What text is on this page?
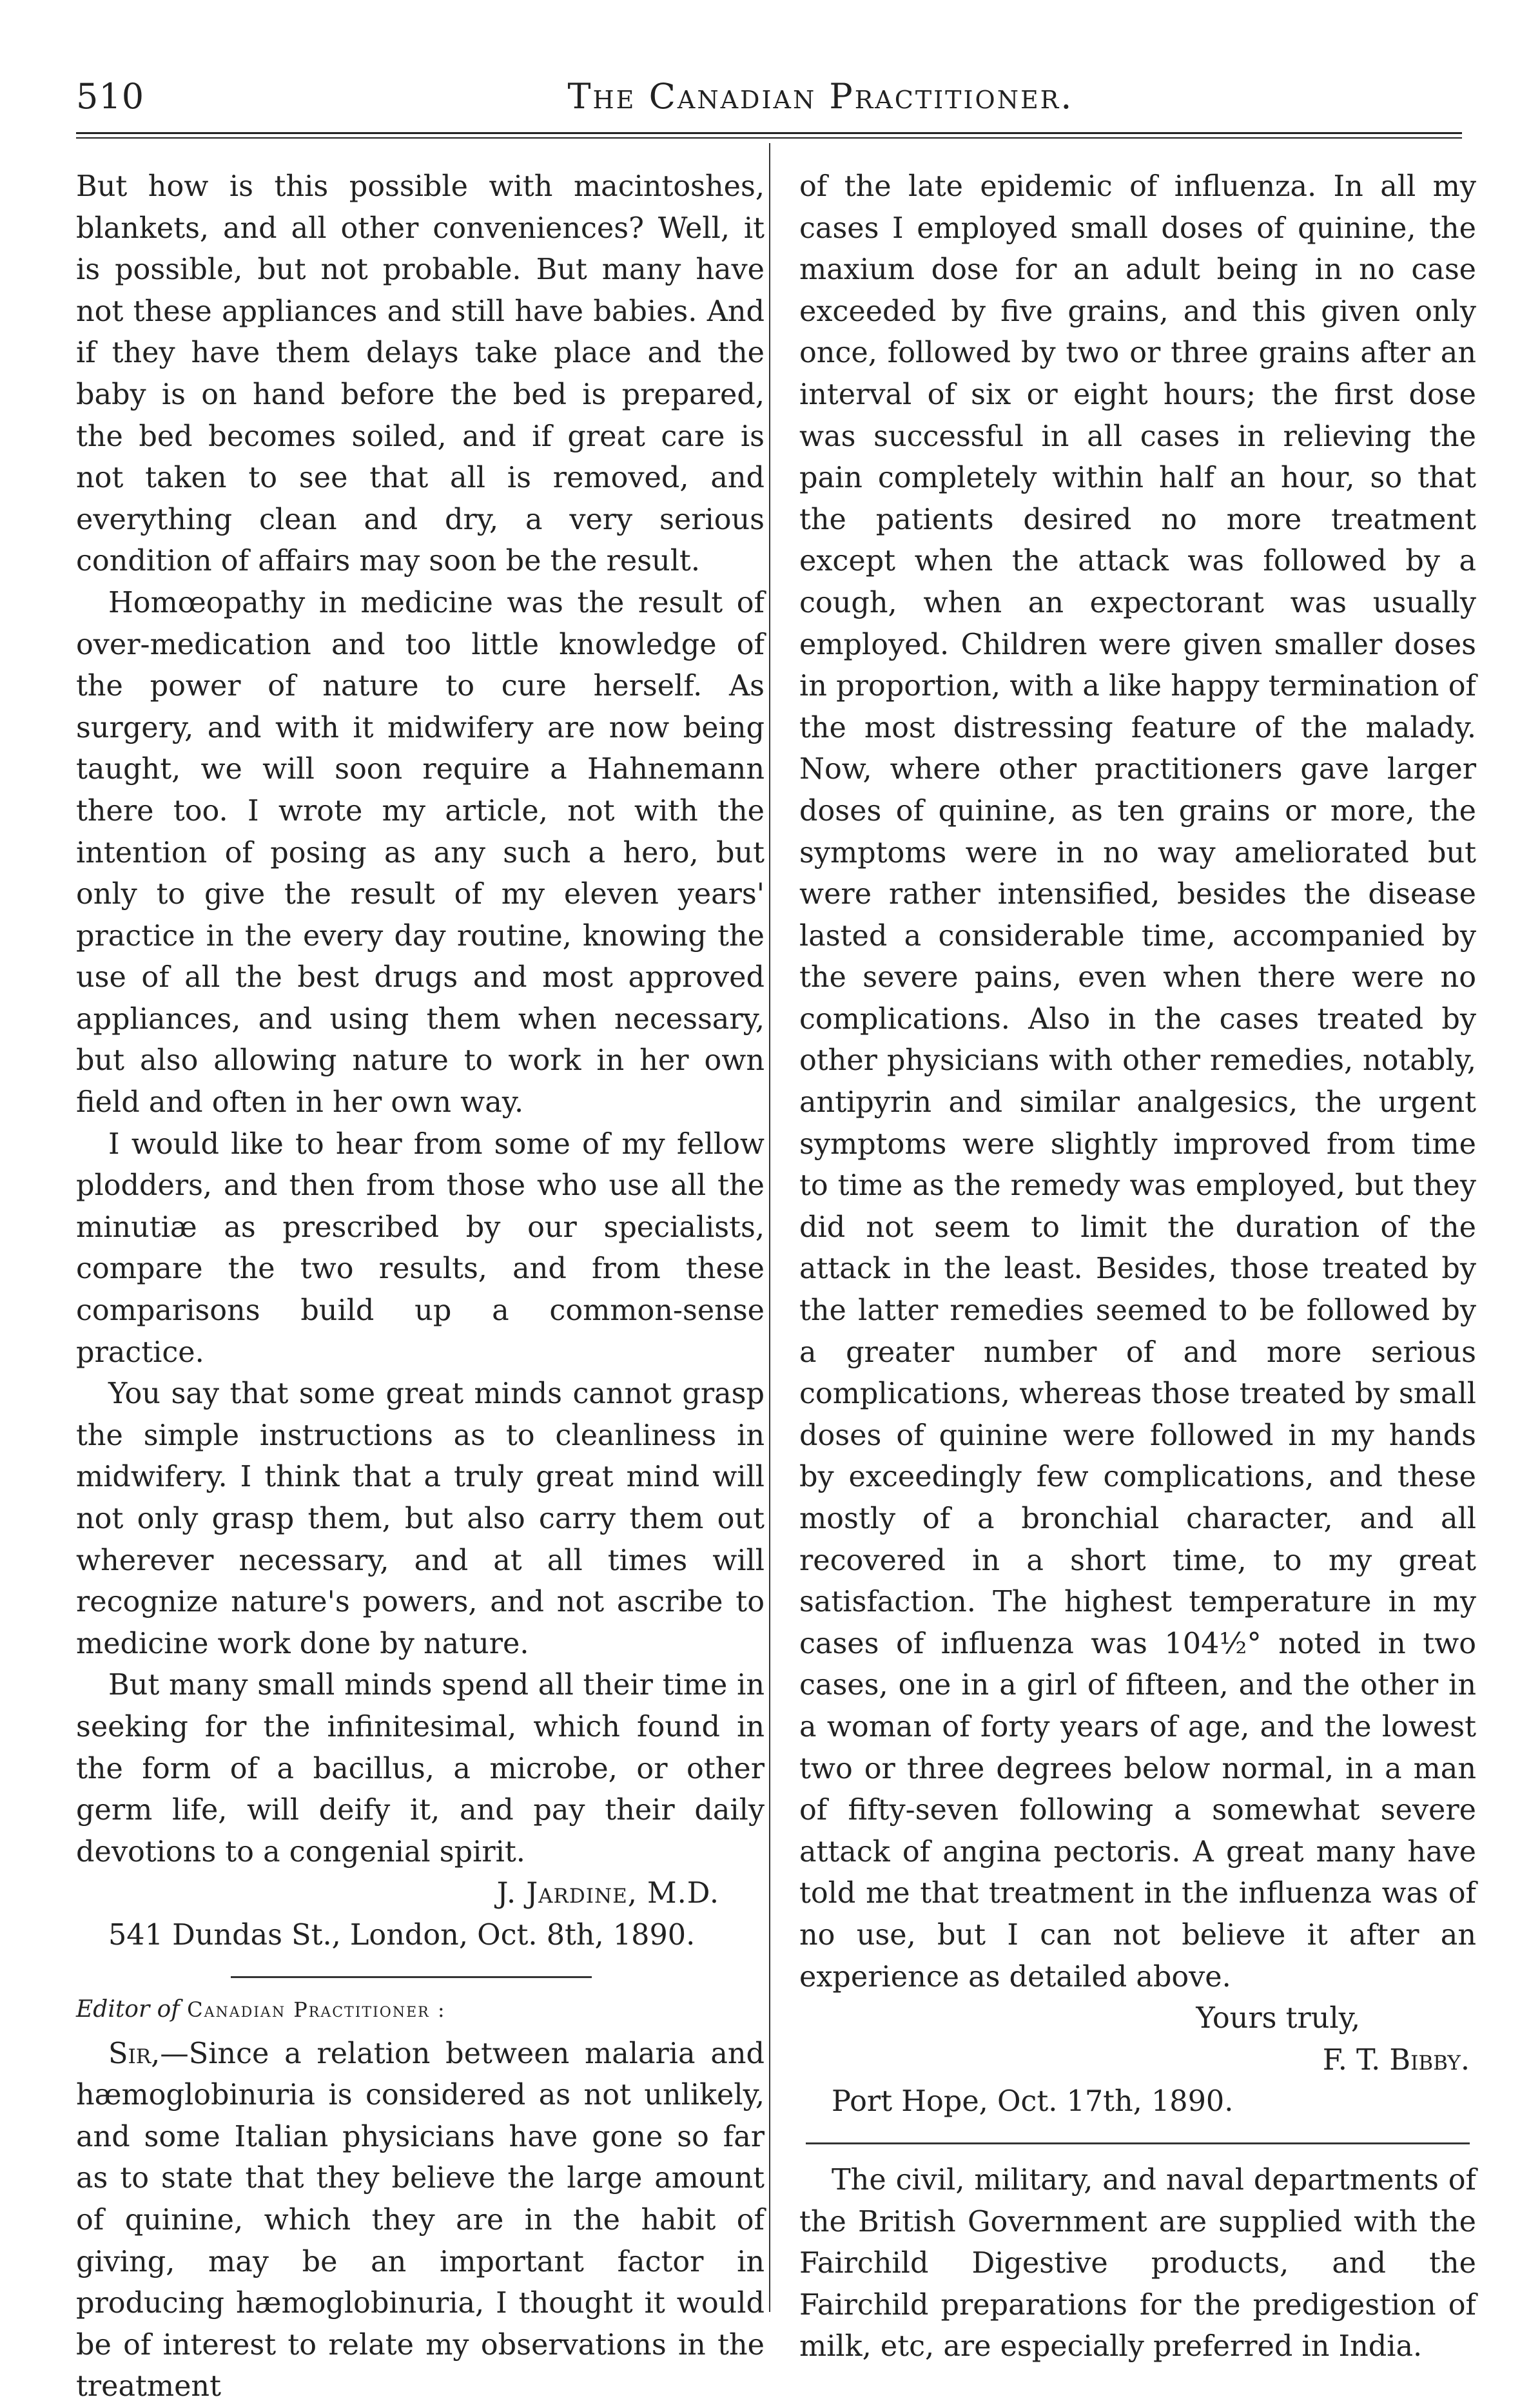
510	The Canadian Practitioner.

But how is this possible with macintoshes, blankets, and all other conveniences? Well, it is possible, but not probable. But many have not these appliances and still have babies. And if they have them delays take place and the baby is on hand before the bed is prepared, the bed becomes soiled, and if great care is not taken to see that all is removed, and everything clean and dry, a very serious condition of affairs may soon be the result.

Homœopathy in medicine was the result of over-medication and too little knowledge of the power of nature to cure herself. As surgery, and with it midwifery are now being taught, we will soon require a Hahnemann there too. I wrote my article, not with the intention of posing as any such a hero, but only to give the result of my eleven years' practice in the every day routine, knowing the use of all the best drugs and most approved appliances, and using them when necessary, but also allowing nature to work in her own field and often in her own way.

I would like to hear from some of my fellow plodders, and then from those who use all the minutiæ as prescribed by our specialists, compare the two results, and from these comparisons build up a common-sense practice.

You say that some great minds cannot grasp the simple instructions as to cleanliness in midwifery. I think that a truly great mind will not only grasp them, but also carry them out wherever necessary, and at all times will recognize nature's powers, and not ascribe to medicine work done by nature.

But many small minds spend all their time in seeking for the infinitesimal, which found in the form of a bacillus, a microbe, or other germ life, will deify it, and pay their daily devotions to a congenial spirit.

J. Jardine, M.D.

541 Dundas St., London, Oct. 8th, 1890.

Editor of Canadian Practitioner :

Sir,—Since a relation between malaria and hæmoglobinuria is considered as not unlikely, and some Italian physicians have gone so far as to state that they believe the large amount of quinine, which they are in the habit of giving, may be an important factor in producing hæmoglobinuria, I thought it would be of interest to relate my observations in the treatment

of the late epidemic of influenza. In all my cases I employed small doses of quinine, the maxium dose for an adult being in no case exceeded by five grains, and this given only once, followed by two or three grains after an interval of six or eight hours; the first dose was successful in all cases in relieving the pain completely within half an hour, so that the patients desired no more treatment except when the attack was followed by a cough, when an expectorant was usually employed. Children were given smaller doses in proportion, with a like happy termination of the most distressing feature of the malady. Now, where other practitioners gave larger doses of quinine, as ten grains or more, the symptoms were in no way ameliorated but were rather intensified, besides the disease lasted a considerable time, accompanied by the severe pains, even when there were no complications. Also in the cases treated by other physicians with other remedies, notably, antipyrin and similar analgesics, the urgent symptoms were slightly improved from time to time as the remedy was employed, but they did not seem to limit the duration of the attack in the least. Besides, those treated by the latter remedies seemed to be followed by a greater number of and more serious complications, whereas those treated by small doses of quinine were followed in my hands by exceedingly few complications, and these mostly of a bronchial character, and all recovered in a short time, to my great satisfaction. The highest temperature in my cases of influenza was 104½° noted in two cases, one in a girl of fifteen, and the other in a woman of forty years of age, and the lowest two or three degrees below normal, in a man of fifty-seven following a somewhat severe attack of angina pectoris. A great many have told me that treatment in the influenza was of no use, but I can not believe it after an experience as detailed above.

Yours truly,

F. T. Bibby.

Port Hope, Oct. 17th, 1890.

The civil, military, and naval departments of the British Government are supplied with the Fairchild Digestive products, and the Fairchild preparations for the predigestion of milk, etc, are especially preferred in India.
